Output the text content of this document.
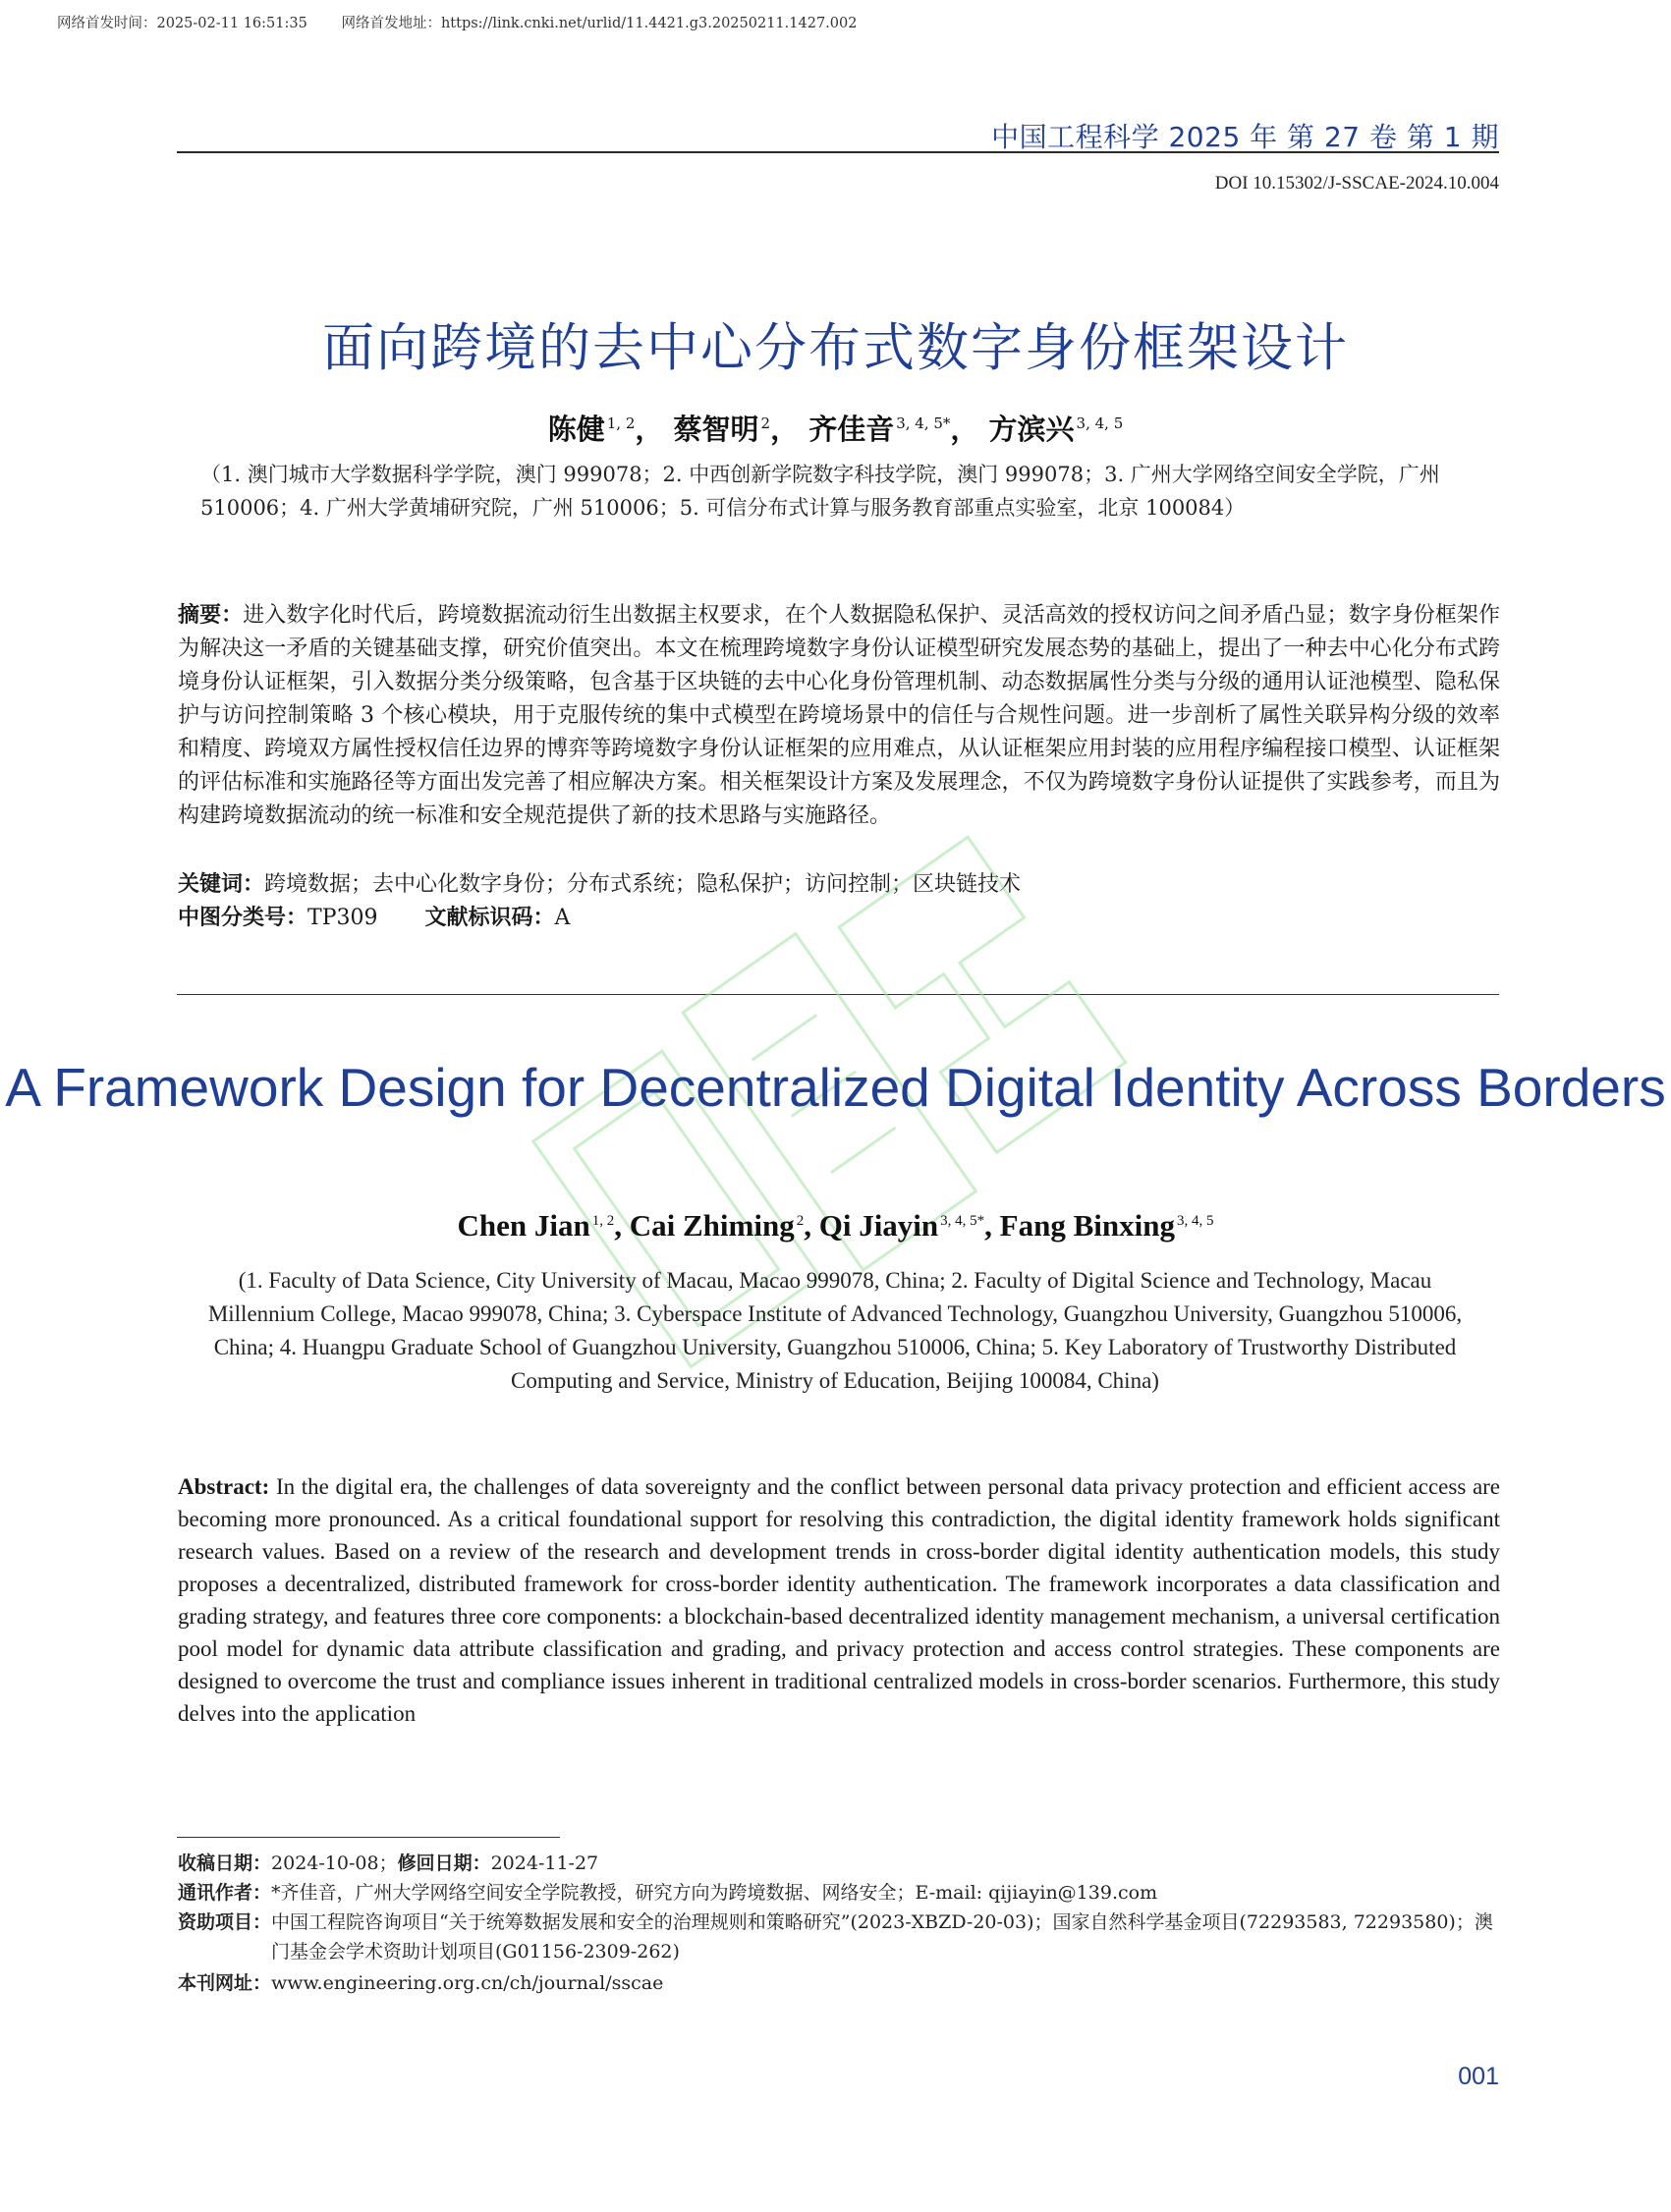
网络首发时间：2025-02-11 16:51:35 网络首发地址：https://link.cnki.net/urlid/11.4421.g3.20250211.1427.002
中国工程科学 2025 年 第 27 卷 第 1 期
DOI 10.15302/J-SSCAE-2024.10.004
面向跨境的去中心分布式数字身份框架设计
陈健 $^{1, 2}$， 蔡智明 $^2$， 齐佳音 $^{3, 4, 5*}$， 方滨兴 $^{3, 4, 5}$
（1. 澳门城市大学数据科学学院，澳门 999078；2. 中西创新学院数字科技学院，澳门 999078；3. 广州大学网络空间安全学院，广州 510006；4. 广州大学黄埔研究院，广州 510006；5. 可信分布式计算与服务教育部重点实验室，北京 100084）
摘要：进入数字化时代后，跨境数据流动衍生出数据主权要求，在个人数据隐私保护、灵活高效的授权访问之间矛盾凸显；数字身份框架作为解决这一矛盾的关键基础支撑，研究价值突出。本文在梳理跨境数字身份认证模型研究发展态势的基础上，提出了一种去中心化分布式跨境身份认证框架，引入数据分类分级策略，包含基于区块链的去中心化身份管理机制、动态数据属性分类与分级的通用认证池模型、隐私保护与访问控制策略 3 个核心模块，用于克服传统的集中式模型在跨境场景中的信任与合规性问题。进一步剖析了属性关联异构分级的效率和精度、跨境双方属性授权信任边界的博弈等跨境数字身份认证框架的应用难点，从认证框架应用封装的应用程序编程接口模型、认证框架的评估标准和实施路径等方面出发完善了相应解决方案。相关框架设计方案及发展理念，不仅为跨境数字身份认证提供了实践参考，而且为构建跨境数据流动的统一标准和安全规范提供了新的技术思路与实施路径。
关键词：跨境数据；去中心化数字身份；分布式系统；隐私保护；访问控制；区块链技术
中图分类号：TP309 文献标识码：A
A Framework Design for Decentralized Digital Identity Across Borders
Chen Jian $^{1, 2}$, Cai Zhiming $^2$, Qi Jiayin $^{3, 4, 5*}$, Fang Binxing $^{3, 4, 5}$
(1. Faculty of Data Science, City University of Macau, Macao 999078, China; 2. Faculty of Digital Science and Technology, Macau Millennium College, Macao 999078, China; 3. Cyberspace Institute of Advanced Technology, Guangzhou University, Guangzhou 510006, China; 4. Huangpu Graduate School of Guangzhou University, Guangzhou 510006, China; 5. Key Laboratory of Trustworthy Distributed Computing and Service, Ministry of Education, Beijing 100084, China)
Abstract: In the digital era, the challenges of data sovereignty and the conflict between personal data privacy protection and efficient access are becoming more pronounced. As a critical foundational support for resolving this contradiction, the digital identity framework holds significant research values. Based on a review of the research and development trends in cross-border digital identity authentication models, this study proposes a decentralized, distributed framework for cross-border identity authentication. The framework incorporates a data classification and grading strategy, and features three core components: a blockchain-based decentralized identity management mechanism, a universal certification pool model for dynamic data attribute classification and grading, and privacy protection and access control strategies. These components are designed to overcome the trust and compliance issues inherent in traditional centralized models in cross-border scenarios. Furthermore, this study delves into the application
收稿日期：2024-10-08；修回日期：2024-11-27
通讯作者：*齐佳音，广州大学网络空间安全学院教授，研究方向为跨境数据、网络安全；E-mail: qijiayin@139.com
资助项目： 中国工程院咨询项目“关于统筹数据发展和安全的治理规则和策略研究”(2023-XBZD-20-03)；国家自然科学基金项目(72293583, 72293580)；澳门基金会学术资助计划项目(G01156-2309-262)
本刊网址：www.engineering.org.cn/ch/journal/sscae
001
